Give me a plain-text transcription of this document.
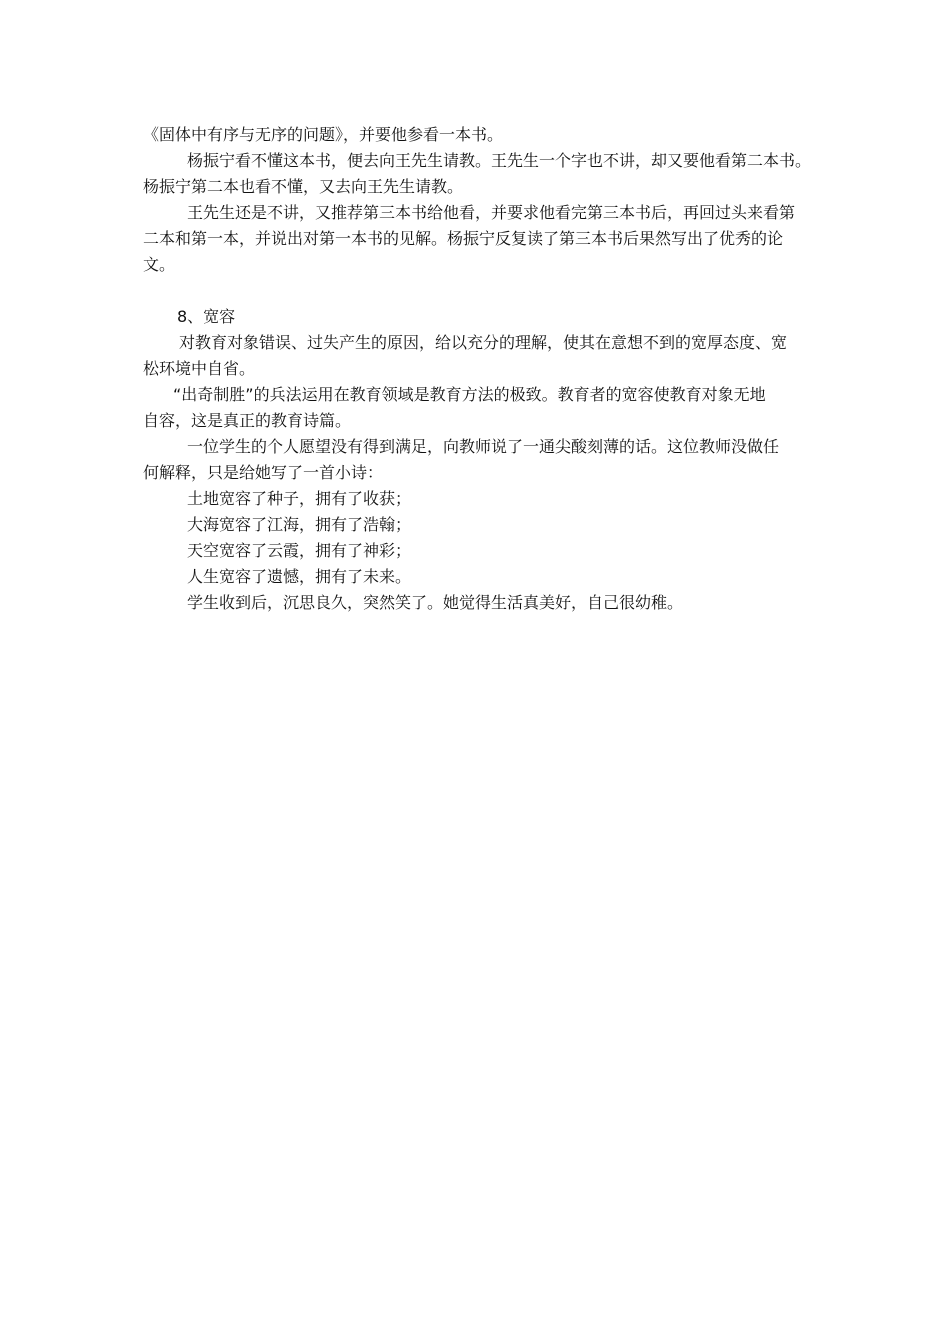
《固体中有序与无序的问题》，并要他参看一本书。
杨振宁看不懂这本书，便去向王先生请教。王先生一个字也不讲，却又要他看第二本书。
杨振宁第二本也看不懂，又去向王先生请教。
王先生还是不讲，又推荐第三本书给他看，并要求他看完第三本书后，再回过头来看第
二本和第一本，并说出对第一本书的见解。杨振宁反复读了第三本书后果然写出了优秀的论
文。
8、宽容
对教育对象错误、过失产生的原因，给以充分的理解，使其在意想不到的宽厚态度、宽
松环境中自省。
“出奇制胜”的兵法运用在教育领域是教育方法的极致。教育者的宽容使教育对象无地
自容，这是真正的教育诗篇。
一位学生的个人愿望没有得到满足，向教师说了一通尖酸刻薄的话。这位教师没做任
何解释，只是给她写了一首小诗：
土地宽容了种子，拥有了收获；
大海宽容了江海，拥有了浩翰；
天空宽容了云霞，拥有了神彩；
人生宽容了遗憾，拥有了未来。
学生收到后，沉思良久，突然笑了。她觉得生活真美好，自己很幼稚。
